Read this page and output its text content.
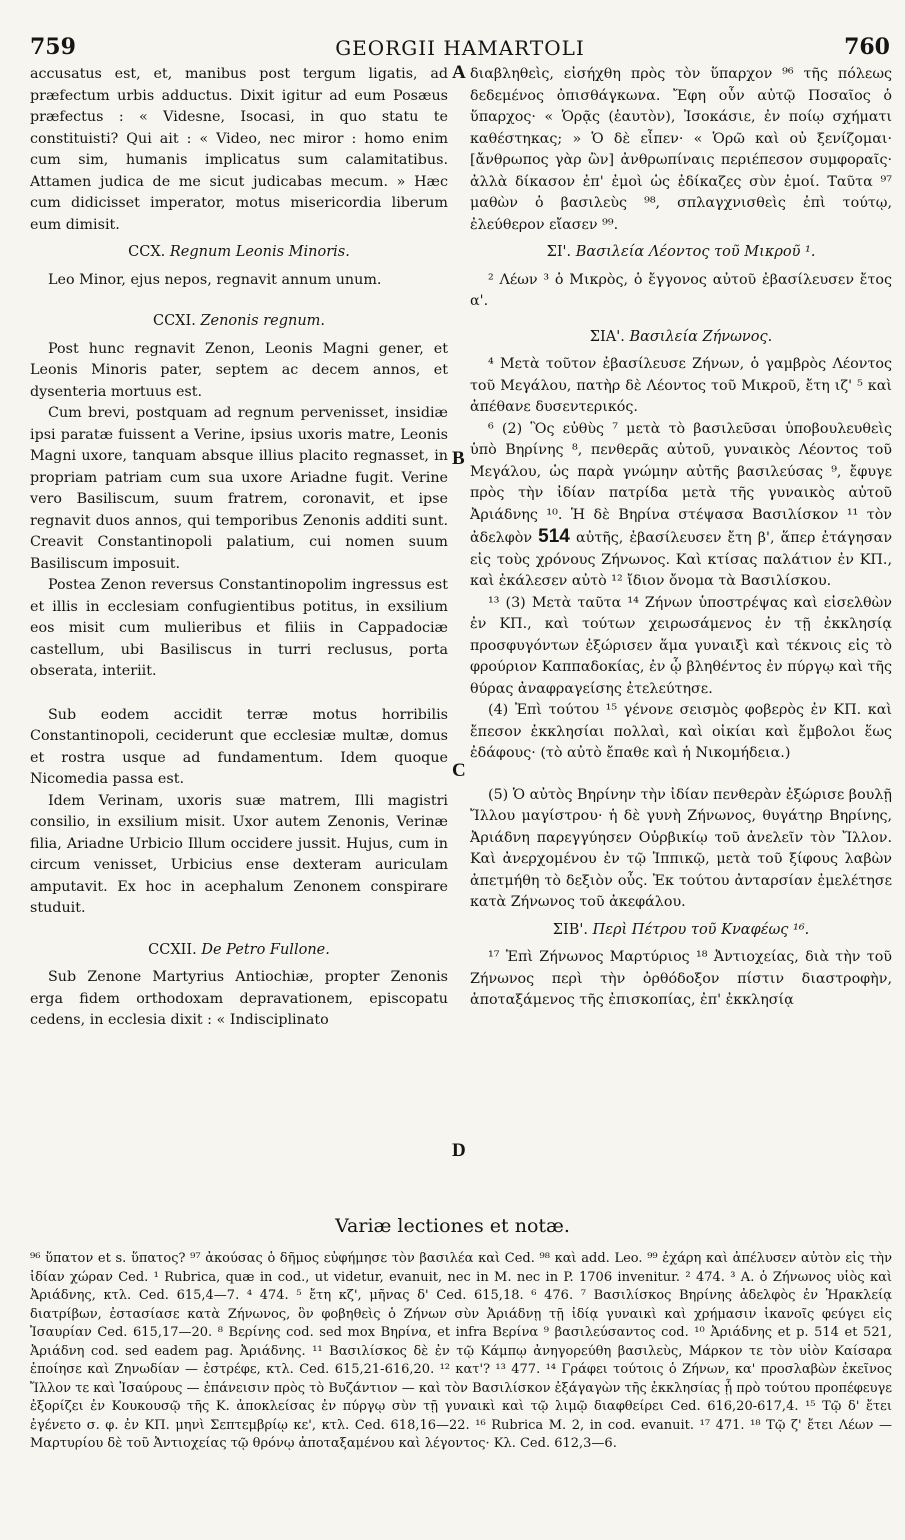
759	GEORGII HAMARTOLI	760

accusatus est, et, manibus post tergum ligatis, ad præfectum urbis adductus. Dixit igitur ad eum Posæus præfectus : « Videsne, Isocasi, in quo statu te constituisti? Qui ait : « Video, nec miror : homo enim cum sim, humanis implicatus sum calamitatibus. Attamen judica de me sicut judicabas mecum. » Hæc cum didicisset imperator, motus misericordia liberum eum dimisit.

CCX. Regnum Leonis Minoris.

Leo Minor, ejus nepos, regnavit annum unum.

CCXI. Zenonis regnum.

Post hunc regnavit Zenon, Leonis Magni gener, et Leonis Minoris pater, septem ac decem annos, et dysenteria mortuus est.

Cum brevi, postquam ad regnum pervenisset, insidiæ ipsi paratæ fuissent a Verine, ipsius uxoris matre, Leonis Magni uxore, tanquam absque illius placito regnasset, in propriam patriam cum sua uxore Ariadne fugit. Verine vero Basiliscum, suum fratrem, coronavit, et ipse regnavit duos annos, qui temporibus Zenonis additi sunt. Creavit Constantinopoli palatium, cui nomen suum Basiliscum imposuit.

Postea Zenon reversus Constantinopolim ingressus est et illis in ecclesiam confugientibus potitus, in exsilium eos misit cum mulieribus et filiis in Cappadociæ castellum, ubi Basiliscus in turri reclusus, porta obserata, interiit.

Sub eodem accidit terræ motus horribilis Constantinopoli, ceciderunt que ecclesiæ multæ, domus et rostra usque ad fundamentum. Idem quoque Nicomedia passa est.

Idem Verinam, uxoris suæ matrem, Illi magistri consilio, in exsilium misit. Uxor autem Zenonis, Verinæ filia, Ariadne Urbicio Illum occidere jussit. Hujus, cum in circum venisset, Urbicius ense dexteram auriculam amputavit. Ex hoc in acephalum Zenonem conspirare studuit.

CCXII. De Petro Fullone.

Sub Zenone Martyrius Antiochiæ, propter Zenonis erga fidem orthodoxam depravationem, episcopatu cedens, in ecclesia dixit : « Indisciplinato

διαβληθεὶς, εἰσήχθη πρὸς τὸν ὕπαρχον ⁹⁶ τῆς πόλεως δεδεμένος ὀπισθάγκωνα. Ἔφη οὖν αὐτῷ Ποσαῖος ὁ ὕπαρχος· « Ὁρᾷς (ἑαυτὸν), Ἰσοκάσιε, ἐν ποίῳ σχήματι καθέστηκας; » Ὁ δὲ εἶπεν· « Ὁρῶ καὶ οὐ ξενίζομαι· [ἄνθρωπος γὰρ ὢν] ἀνθρωπίναις περιέπεσον συμφοραῖς· ἀλλὰ δίκασον ἐπ' ἐμοὶ ὡς ἐδίκαζες σὺν ἐμοί. Ταῦτα ⁹⁷ μαθὼν ὁ βασιλεὺς ⁹⁸, σπλαγχνισθεὶς ἐπὶ τούτῳ, ἐλεύθερον εἴασεν ⁹⁹.

ΣΙ'. Βασιλεία Λέοντος τοῦ Μικροῦ ¹.

² Λέων ³ ὁ Μικρὸς, ὁ ἔγγονος αὐτοῦ ἐβασίλευσεν ἔτος α'.

ΣΙΑ'. Βασιλεία Ζήνωνος.

⁴ Μετὰ τοῦτον ἐβασίλευσε Ζήνων, ὁ γαμβρὸς Λέοντος τοῦ Μεγάλου, πατὴρ δὲ Λέοντος τοῦ Μικροῦ, ἔτη ιζ' ⁵ καὶ ἀπέθανε δυσεντερικός.

⁶ (2) Ὃς εὐθὺς ⁷ μετὰ τὸ βασιλεῦσαι ὑποβουλευθεὶς ὑπὸ Βηρίνης ⁸, πενθερᾶς αὐτοῦ, γυναικὸς Λέοντος τοῦ Μεγάλου, ὡς παρὰ γνώμην αὐτῆς βασιλεύσας ⁹, ἔφυγε πρὸς τὴν ἰδίαν πατρίδα μετὰ τῆς γυναικὸς αὐτοῦ Ἀριάδνης ¹⁰. Ἡ δὲ Βηρίνα στέψασα Βασιλίσκον ¹¹ τὸν ἀδελφὸν 514 αὐτῆς, ἐβασίλευσεν ἔτη β', ἅπερ ἐτάγησαν εἰς τοὺς χρόνους Ζήνωνος. Καὶ κτίσας παλάτιον ἐν ΚΠ., καὶ ἐκάλεσεν αὐτὸ ¹² ἴδιον ὄνομα τὰ Βασιλίσκου.

¹³ (3) Μετὰ ταῦτα ¹⁴ Ζήνων ὑποστρέψας καὶ εἰσελθὼν ἐν ΚΠ., καὶ τούτων χειρωσάμενος ἐν τῇ ἐκκλησίᾳ προσφυγόντων ἐξώρισεν ἅμα γυναιξὶ καὶ τέκνοις εἰς τὸ φρούριον Καππαδοκίας, ἐν ᾧ βληθέντος ἐν πύργῳ καὶ τῆς θύρας ἀναφραγείσης ἐτελεύτησε.

(4) Ἐπὶ τούτου ¹⁵ γένονε σεισμὸς φοβερὸς ἐν ΚΠ. καὶ ἔπεσον ἐκκλησίαι πολλαὶ, καὶ οἰκίαι καὶ ἔμβολοι ἕως ἐδάφους· (τὸ αὐτὸ ἔπαθε καὶ ἡ Νικομήδεια.)

(5) Ὁ αὐτὸς Βηρίνην τὴν ἰδίαν πενθερὰν ἐξώρισε βουλῇ Ἴλλου μαγίστρου· ἡ δὲ γυνὴ Ζήνωνος, θυγάτηρ Βηρίνης, Ἀριάδνη παρεγγύησεν Οὐρβικίῳ τοῦ ἀνελεῖν τὸν Ἴλλον. Καὶ ἀνερχομένου ἐν τῷ Ἱππικῷ, μετὰ τοῦ ξίφους λαβὼν ἀπετμήθη τὸ δεξιὸν οὖς. Ἐκ τούτου ἀνταρσίαν ἐμελέτησε κατὰ Ζήνωνος τοῦ ἀκεφάλου.

ΣΙΒ'. Περὶ Πέτρου τοῦ Κναφέως ¹⁶.

¹⁷ Ἐπὶ Ζήνωνος Μαρτύριος ¹⁸ Ἀντιοχείας, διὰ τὴν τοῦ Ζήνωνος περὶ τὴν ὀρθόδοξον πίστιν διαστροφὴν, ἀποταξάμενος τῆς ἐπισκοπίας, ἐπ' ἐκκλησίᾳ

A
B
C
D
Variæ lectiones et notæ.

⁹⁶ ὕπατον et s. ὕπατος? ⁹⁷ ἀκούσας ὁ δῆμος εὐφήμησε τὸν βασιλέα καὶ Ced. ⁹⁸ καὶ add. Leo. ⁹⁹ ἐχάρη καὶ ἀπέλυσεν αὐτὸν εἰς τὴν ἰδίαν χώραν Ced. ¹ Rubrica, quæ in cod., ut videtur, evanuit, nec in M. nec in P. 1706 invenitur. ² 474. ³ Α. ὁ Ζήνωνος υἱὸς καὶ Ἀριάδνης, κτλ. Ced. 615,4—7. ⁴ 474. ⁵ ἔτη κζ', μῆνας δ' Ced. 615,18. ⁶ 476. ⁷ Βασιλίσκος Βηρίνης ἀδελφὸς ἐν Ἡρακλείᾳ διατρίβων, ἐστασίασε κατὰ Ζήνωνος, ὃν φοβηθεὶς ὁ Ζήνων σὺν Ἀριάδνῃ τῇ ἰδίᾳ γυναικὶ καὶ χρήμασιν ἱκανοῖς φεύγει εἰς Ἰσαυρίαν Ced. 615,17—20. ⁸ Βερίνης cod. sed mox Βηρίνα, et infra Βερίνα ⁹ βασιλεύσαντος cod. ¹⁰ Ἀριάδνης et p. 514 et 521, Ἀριάδνη cod. sed eadem pag. Ἀριάδνης. ¹¹ Βασιλίσκος δὲ ἐν τῷ Κάμπῳ ἀνηγορεύθη βασιλεὺς, Μάρκον τε τὸν υἱὸν Καίσαρα ἐποίησε καὶ Ζηνωδίαν — ἐστρέφε, κτλ. Ced. 615,21-616,20. ¹² κατ'? ¹³ 477. ¹⁴ Γράφει τούτοις ὁ Ζήνων, κα' προσλαβὼν ἐκεῖνος Ἴλλον τε καὶ Ἰσαύρους — ἐπάνεισιν πρὸς τὸ Βυζάντιον — καὶ τὸν Βασιλίσκον ἐξάγαγὼν τῆς ἐκκλησίας ᾗ πρὸ τούτου προπέφευγε ἐξορίζει ἐν Κουκουσῷ τῆς Κ. ἀποκλείσας ἐν πύργῳ σὺν τῇ γυναικὶ καὶ τῷ λιμῷ διαφθείρει Ced. 616,20-617,4. ¹⁵ Τῷ δ' ἔτει ἐγένετο σ. φ. ἐν ΚΠ. μηνὶ Σεπτεμβρίῳ κε', κτλ. Ced. 618,16—22. ¹⁶ Rubrica M. 2, in cod. evanuit. ¹⁷ 471. ¹⁸ Τῷ ζ' ἔτει Λέων — Μαρτυρίου δὲ τοῦ Ἀντιοχείας τῷ θρόνῳ ἀποταξαμένου καὶ λέγοντος· Κλ. Ced. 612,3—6.
